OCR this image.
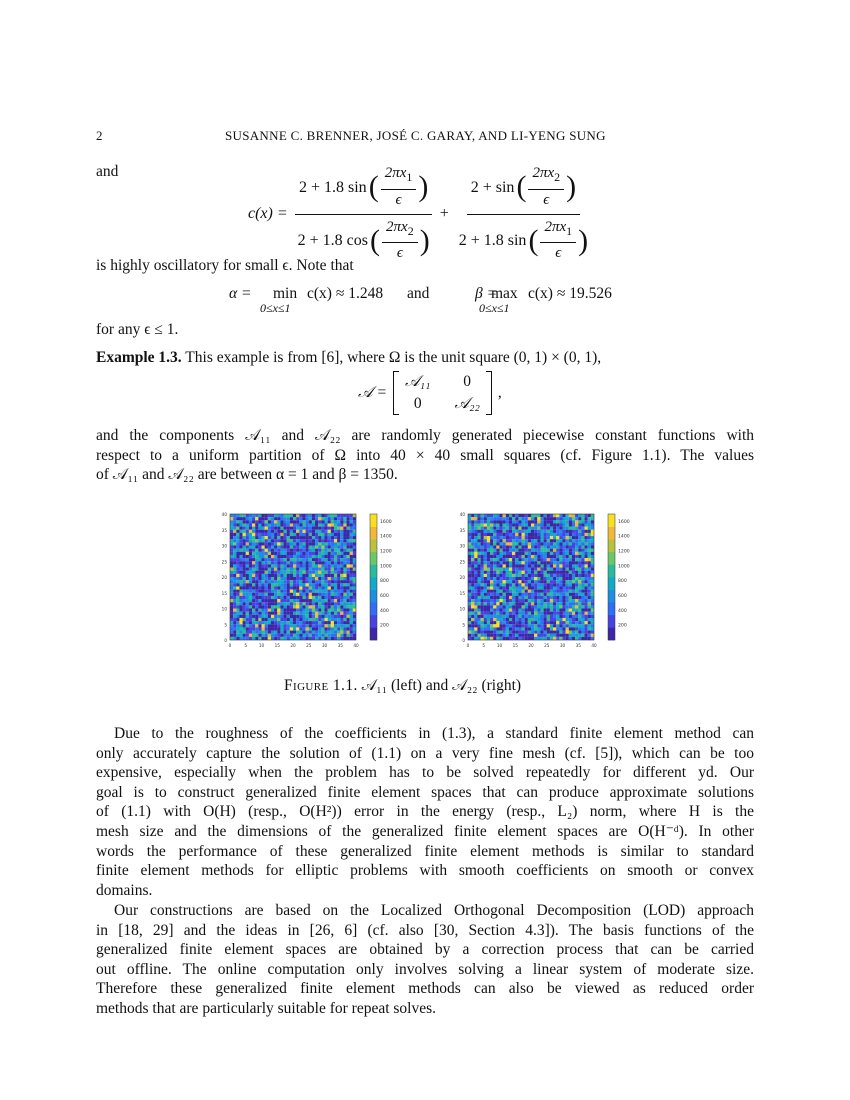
2	SUSANNE C. BRENNER, JOSÉ C. GARAY, AND LI-YENG SUNG
and
c(x) =
2 + 1.8 sin ( $\frac{2\pi x_1}{\epsilon}$ )
2 + 1.8 cos ( $\frac{2\pi x_2}{\epsilon}$ )
+
2 + sin ( $\frac{2\pi x_2}{\epsilon}$ )
2 + 1.8 sin ( $\frac{2\pi x_1}{\epsilon}$ )
is highly oscillatory for small ϵ. Note that
α = min
0≤x≤1
c(x) ≈ 1.248 and	β =
max
0≤x≤1
c(x) ≈ 19.526
for any ϵ ≤ 1.
Example 1.3. This example is from [6], where Ω is the unit square (0, 1) × (0, 1),
𝒜 =
𝒜₁₁	0
0	𝒜₂₂
,
and the components 𝒜₁₁ and 𝒜₂₂ are randomly generated piecewise constant functions with
respect to a uniform partition of Ω into 40 × 40 small squares (cf. Figure 1.1). The values
of 𝒜₁₁ and 𝒜₂₂ are between α = 1 and β = 1350.
0
5
10
15
20
25
30
35
40
0	5	10 15 20 25 30 35 40
200
400
600
800
1000
1200
1400
1600
0
5
10
15
20
25
30
35
40
0	5	10 15 20 25 30 35 40
200
400
600
800
1000
1200
1400
1600
Figure 1.1. 𝒜₁₁ (left) and 𝒜₂₂ (right)
Due to the roughness of the coefficients in (1.3), a standard finite element method can
only accurately capture the solution of (1.1) on a very fine mesh (cf. [5]), which can be too
expensive, especially when the problem has to be solved repeatedly for different yd. Our
goal is to construct generalized finite element spaces that can produce approximate solutions
of (1.1) with O(H) (resp., O(H²)) error in the energy (resp., L₂) norm, where H is the
mesh size and the dimensions of the generalized finite element spaces are O(H⁻ᵈ). In other
words the performance of these generalized finite element methods is similar to standard
finite element methods for elliptic problems with smooth coefficients on smooth or convex
domains.
Our constructions are based on the Localized Orthogonal Decomposition (LOD) approach
in [18, 29] and the ideas in [26, 6] (cf. also [30, Section 4.3]). The basis functions of the
generalized finite element spaces are obtained by a correction process that can be carried
out offline. The online computation only involves solving a linear system of moderate size.
Therefore these generalized finite element methods can also be viewed as reduced order
methods that are particularly suitable for repeat solves.
